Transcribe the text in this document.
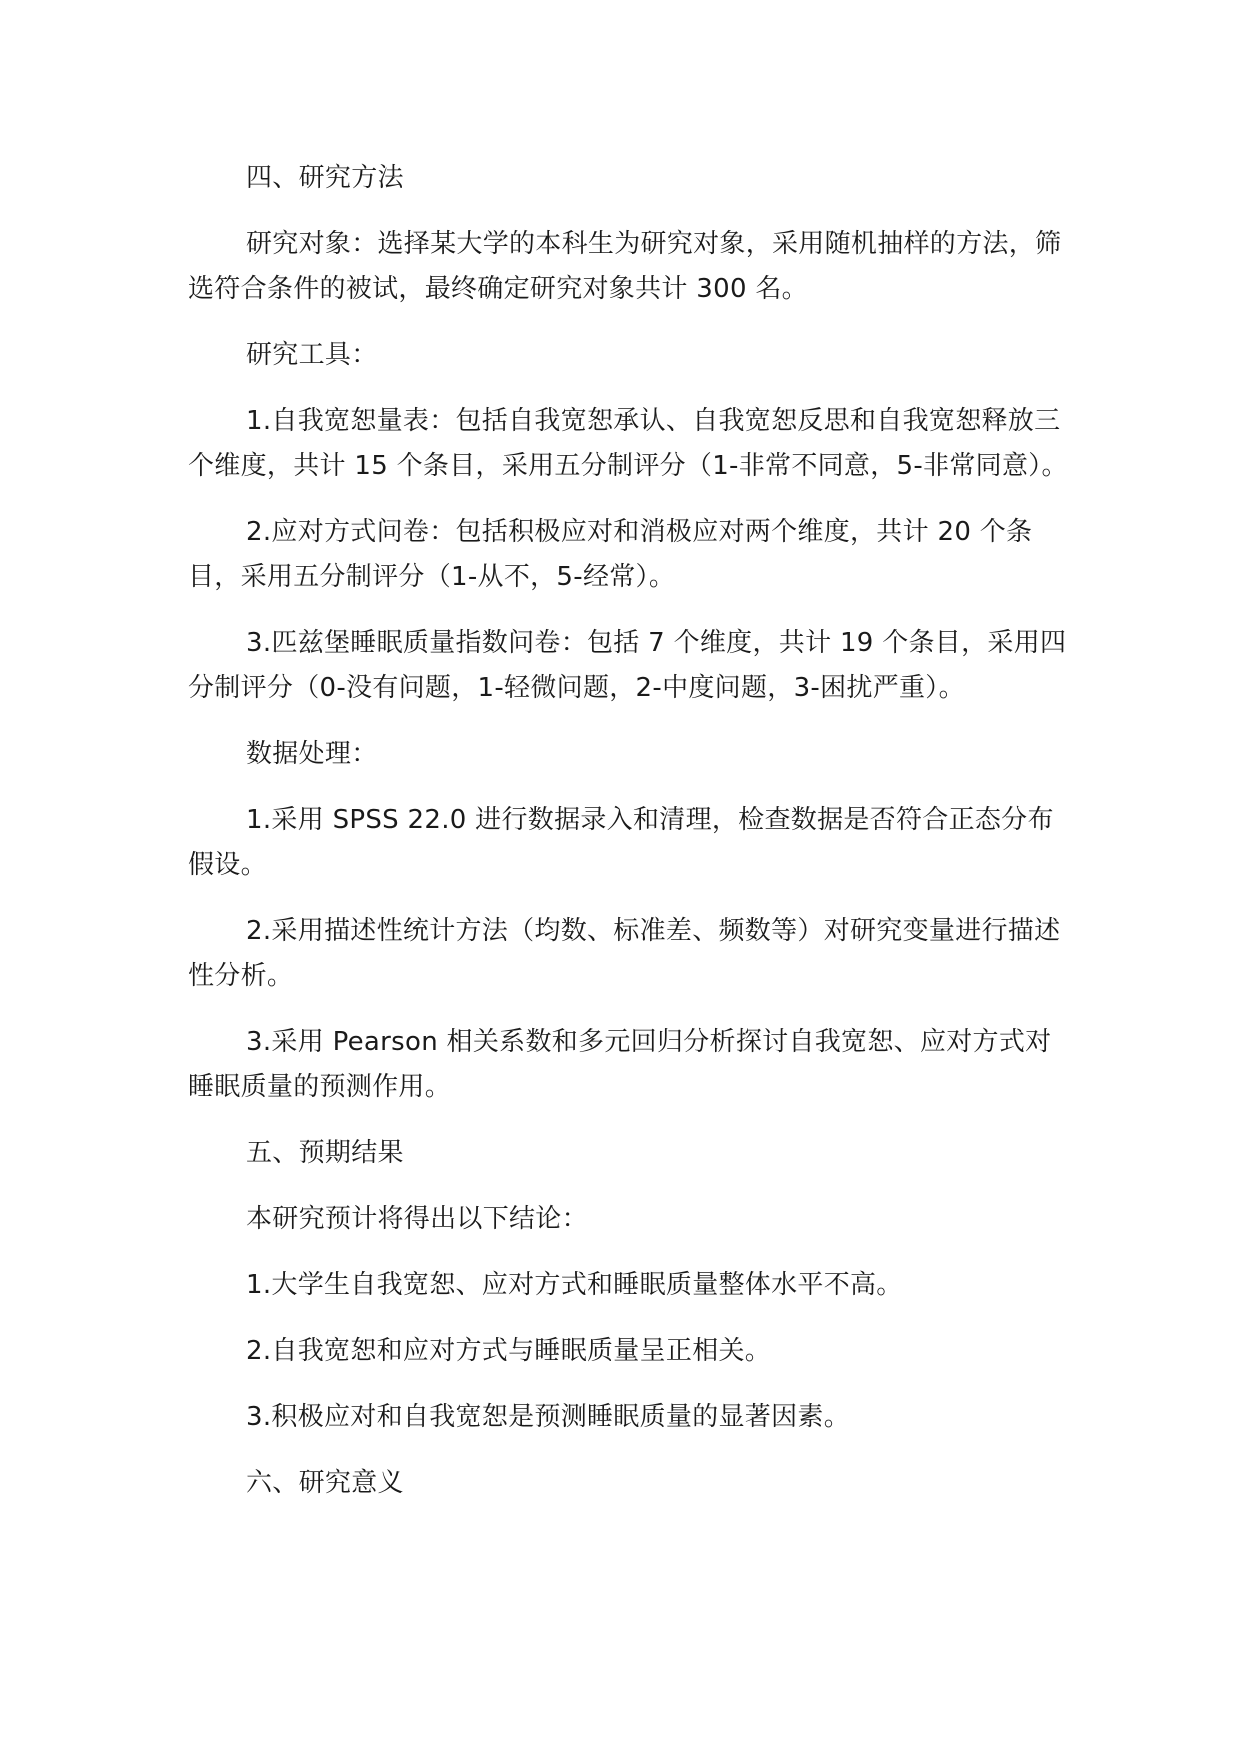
四、研究方法

研究对象：选择某大学的本科生为研究对象，采用随机抽样的方法，筛选符合条件的被试，最终确定研究对象共计 300 名。

研究工具：

1.自我宽恕量表：包括自我宽恕承认、自我宽恕反思和自我宽恕释放三个维度，共计 15 个条目，采用五分制评分（1-非常不同意，5-非常同意）。

2.应对方式问卷：包括积极应对和消极应对两个维度，共计 20 个条目，采用五分制评分（1-从不，5-经常）。

3.匹兹堡睡眠质量指数问卷：包括 7 个维度，共计 19 个条目，采用四分制评分（0-没有问题，1-轻微问题，2-中度问题，3-困扰严重）。

数据处理：

1.采用 SPSS 22.0 进行数据录入和清理，检查数据是否符合正态分布假设。

2.采用描述性统计方法（均数、标准差、频数等）对研究变量进行描述性分析。

3.采用 Pearson 相关系数和多元回归分析探讨自我宽恕、应对方式对睡眠质量的预测作用。

五、预期结果

本研究预计将得出以下结论：

1.大学生自我宽恕、应对方式和睡眠质量整体水平不高。

2.自我宽恕和应对方式与睡眠质量呈正相关。

3.积极应对和自我宽恕是预测睡眠质量的显著因素。

六、研究意义
